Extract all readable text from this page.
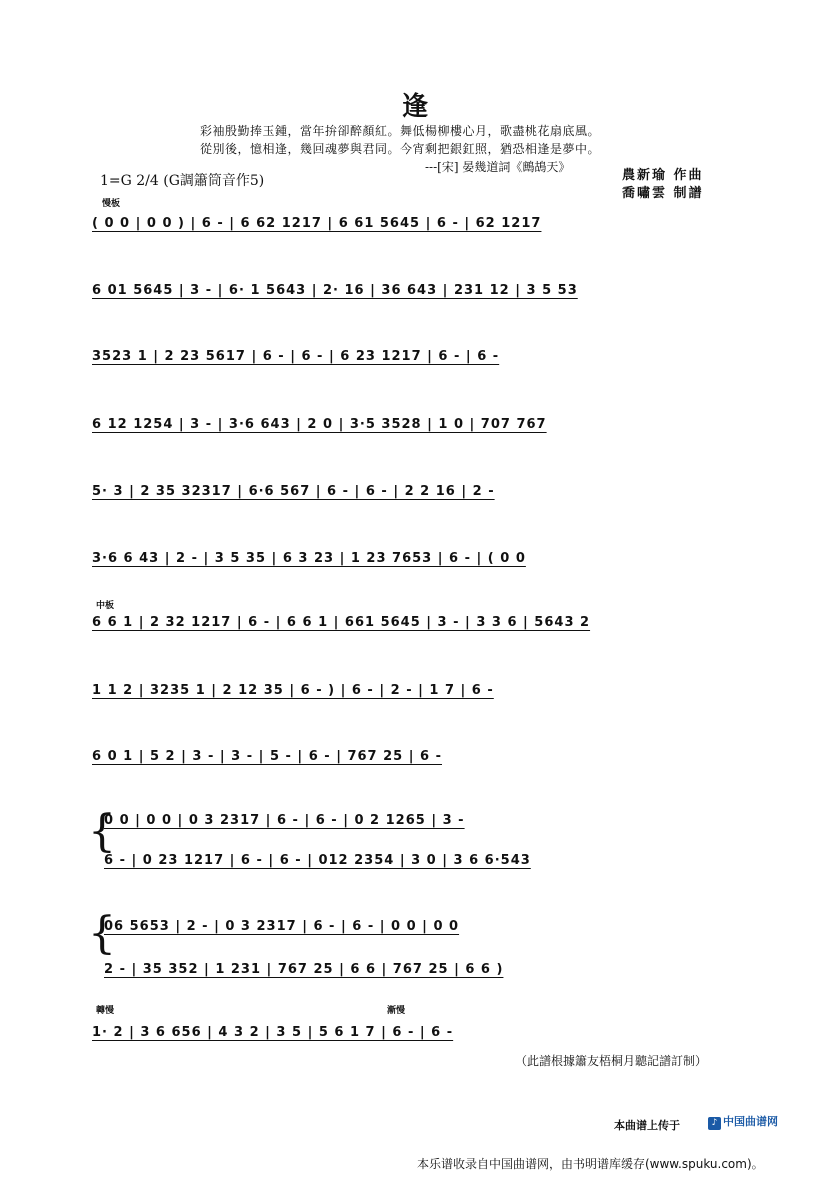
逢
彩袖殷勤捧玉鍾，當年拚卻醉顏紅。舞低楊柳樓心月，歌盡桃花扇底風。
從別後，憶相逢，幾回魂夢與君同。今宵剩把銀釭照，猶恐相逢是夢中。
---[宋] 晏幾道詞《鷓鴣天》
1=G 2/4 (G調簫筒音作5)	農新瑜 作曲
喬嘯雲 制譜
慢板
中板
轉慢	漸慢
( 0 0 | 0 0 ) | 6 - | 6 62 1217 | 6 61 5645 | 6 - | 62 1217
6 01 5645 | 3 - | 6· 1 5643 | 2· 16 | 36 643 | 231 12 | 3 5 53
3523 1 | 2 23 5617 | 6 - | 6 - | 6 23 1217 | 6 - | 6 -
6 12 1254 | 3 - | 3·6 643 | 2 0 | 3·5 3528 | 1 0 | 707 767
5· 3 | 2 35 32317 | 6·6 567 | 6 - | 6 - | 2 2 16 | 2 -
3·6 6 43 | 2 - | 3 5 35 | 6 3 23 | 1 23 7653 | 6 - | ( 0 0
6 6 1 | 2 32 1217 | 6 - | 6 6 1 | 661 5645 | 3 - | 3 3 6 | 5643 2
1 1 2 | 3235 1 | 2 12 35 | 6 - ) | 6 - | 2 - | 1 7 | 6 -
6 0 1 | 5 2 | 3 - | 3 - | 5 - | 6 - | 767 25 | 6 -
{
0 0 | 0 0 | 0 3 2317 | 6 - | 6 - | 0 2 1265 | 3 -
6 - | 0 23 1217 | 6 - | 6 - | 012 2354 | 3 0 | 3 6 6·543
{
06 5653 | 2 - | 0 3 2317 | 6 - | 6 - | 0 0 | 0 0
2 - | 35 352 | 1 231 | 767 25 | 6 6 | 767 25 | 6 6 )
1· 2 | 3 6 656 | 4 3 2 | 3 5 | 5 6 1 7 | 6 - | 6 -
（此譜根據簫友梧桐月聽記譜訂制）
本曲谱上传于	♪ 中国曲谱网
本乐谱收录自中国曲谱网，由书明谱库缓存(www.spuku.com)。
